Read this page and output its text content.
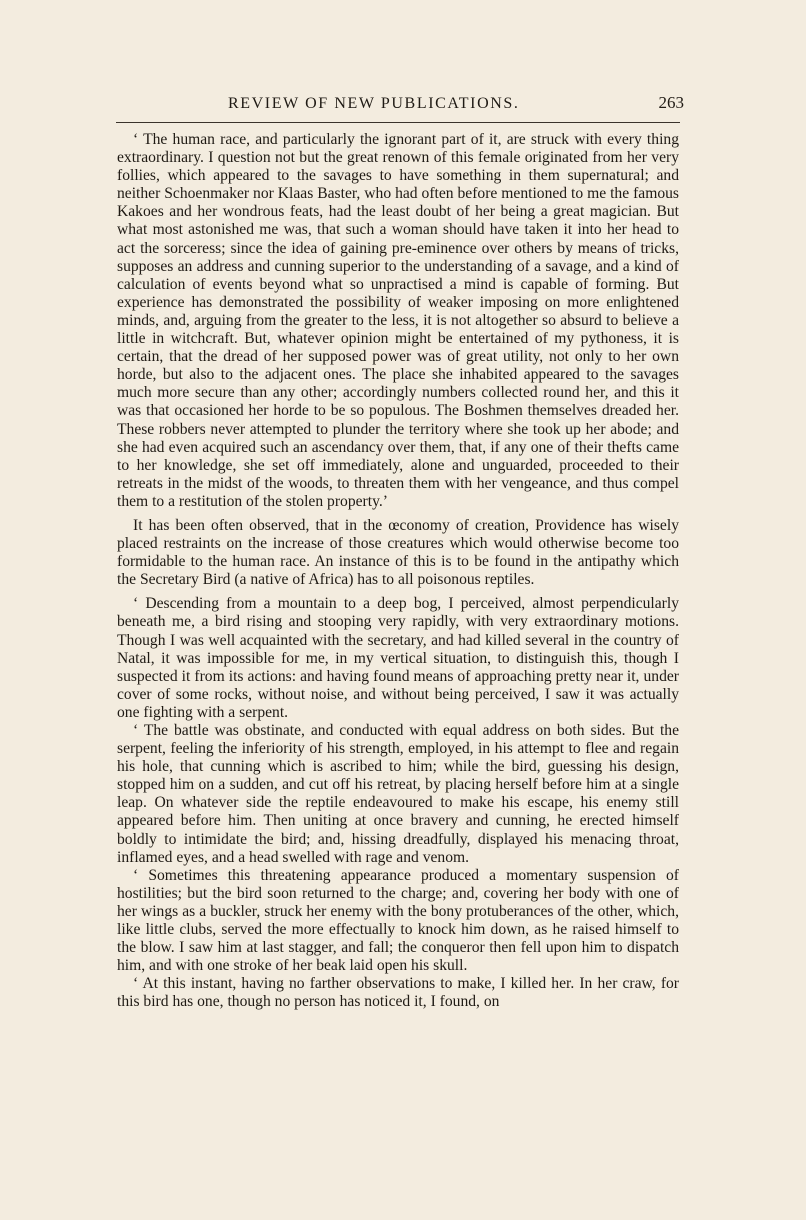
REVIEW OF NEW PUBLICATIONS.	263

‘ The human race, and particularly the ignorant part of it, are struck with every thing extraordinary. I question not but the great renown of this female originated from her very follies, which appeared to the savages to have something in them supernatural; and neither Schoenmaker nor Klaas Baster, who had often before mentioned to me the famous Kakoes and her wondrous feats, had the least doubt of her being a great magician. But what most astonished me was, that such a woman should have taken it into her head to act the sorceress; since the idea of gaining pre-eminence over others by means of tricks, supposes an address and cunning superior to the understanding of a savage, and a kind of calculation of events beyond what so unpractised a mind is capable of forming. But experience has demonstrated the possibility of weaker imposing on more enlightened minds, and, arguing from the greater to the less, it is not altogether so absurd to believe a little in witchcraft. But, whatever opinion might be entertained of my pythoness, it is certain, that the dread of her supposed power was of great utility, not only to her own horde, but also to the adjacent ones. The place she inhabited appeared to the savages much more secure than any other; accordingly numbers collected round her, and this it was that occasioned her horde to be so populous. The Boshmen themselves dreaded her. These robbers never attempted to plunder the territory where she took up her abode; and she had even acquired such an ascendancy over them, that, if any one of their thefts came to her knowledge, she set off immediately, alone and unguarded, proceeded to their retreats in the midst of the woods, to threaten them with her vengeance, and thus compel them to a restitution of the stolen property.’

It has been often observed, that in the œconomy of creation, Providence has wisely placed restraints on the increase of those creatures which would otherwise become too formidable to the human race. An instance of this is to be found in the antipathy which the Secretary Bird (a native of Africa) has to all poisonous reptiles.

‘ Descending from a mountain to a deep bog, I perceived, almost perpendicularly beneath me, a bird rising and stooping very rapidly, with very extraordinary motions. Though I was well acquainted with the secretary, and had killed several in the country of Natal, it was impossible for me, in my vertical situation, to distinguish this, though I suspected it from its actions: and having found means of approaching pretty near it, under cover of some rocks, without noise, and without being perceived, I saw it was actually one fighting with a serpent.

‘ The battle was obstinate, and conducted with equal address on both sides. But the serpent, feeling the inferiority of his strength, employed, in his attempt to flee and regain his hole, that cunning which is ascribed to him; while the bird, guessing his design, stopped him on a sudden, and cut off his retreat, by placing herself before him at a single leap. On whatever side the reptile endeavoured to make his escape, his enemy still appeared before him. Then uniting at once bravery and cunning, he erected himself boldly to intimidate the bird; and, hissing dreadfully, displayed his menacing throat, inflamed eyes, and a head swelled with rage and venom.

‘ Sometimes this threatening appearance produced a momentary suspension of hostilities; but the bird soon returned to the charge; and, covering her body with one of her wings as a buckler, struck her enemy with the bony protuberances of the other, which, like little clubs, served the more effectually to knock him down, as he raised himself to the blow. I saw him at last stagger, and fall; the conqueror then fell upon him to dispatch him, and with one stroke of her beak laid open his skull.

‘ At this instant, having no farther observations to make, I killed her. In her craw, for this bird has one, though no person has noticed it, I found, on
